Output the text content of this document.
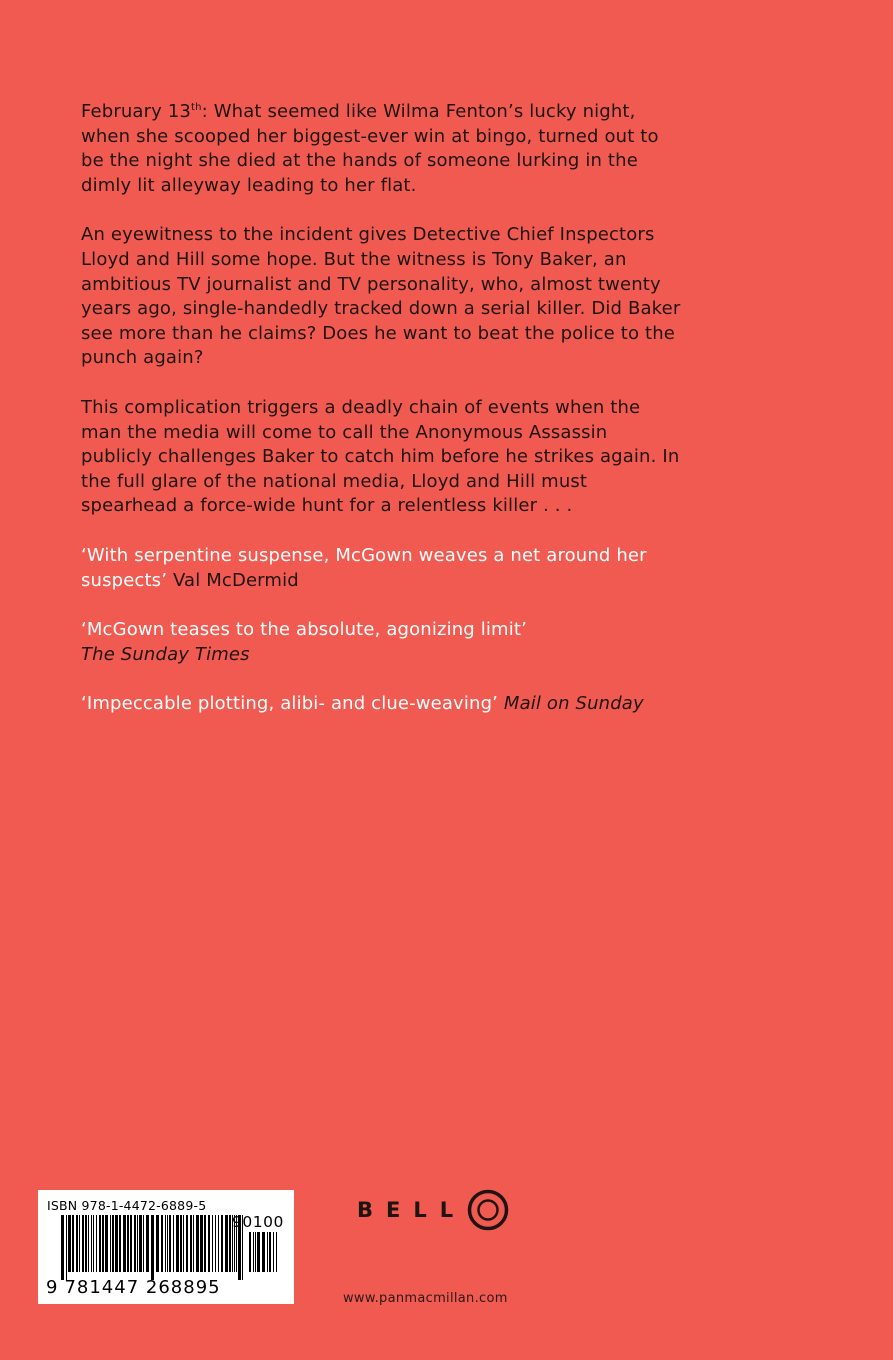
February 13th: What seemed like Wilma Fenton’s lucky night, when she scooped her biggest-ever win at bingo, turned out to be the night she died at the hands of someone lurking in the dimly lit alleyway leading to her flat.

An eyewitness to the incident gives Detective Chief Inspectors Lloyd and Hill some hope. But the witness is Tony Baker, an ambitious TV journalist and TV personality, who, almost twenty years ago, single-handedly tracked down a serial killer. Did Baker see more than he claims? Does he want to beat the police to the punch again?

This complication triggers a deadly chain of events when the man the media will come to call the Anonymous Assassin publicly challenges Baker to catch him before he strikes again. In the full glare of the national media, Lloyd and Hill must spearhead a force-wide hunt for a relentless killer . . .

‘With serpentine suspense, McGown weaves a net around her suspects’ Val McDermid

‘McGown teases to the absolute, agonizing limit’
The Sunday Times

‘Impeccable plotting, alibi- and clue-weaving’ Mail on Sunday

ISBN 978-1-4472-6889-5
90100
9 781447 268895
BELL
www.panmacmillan.com
